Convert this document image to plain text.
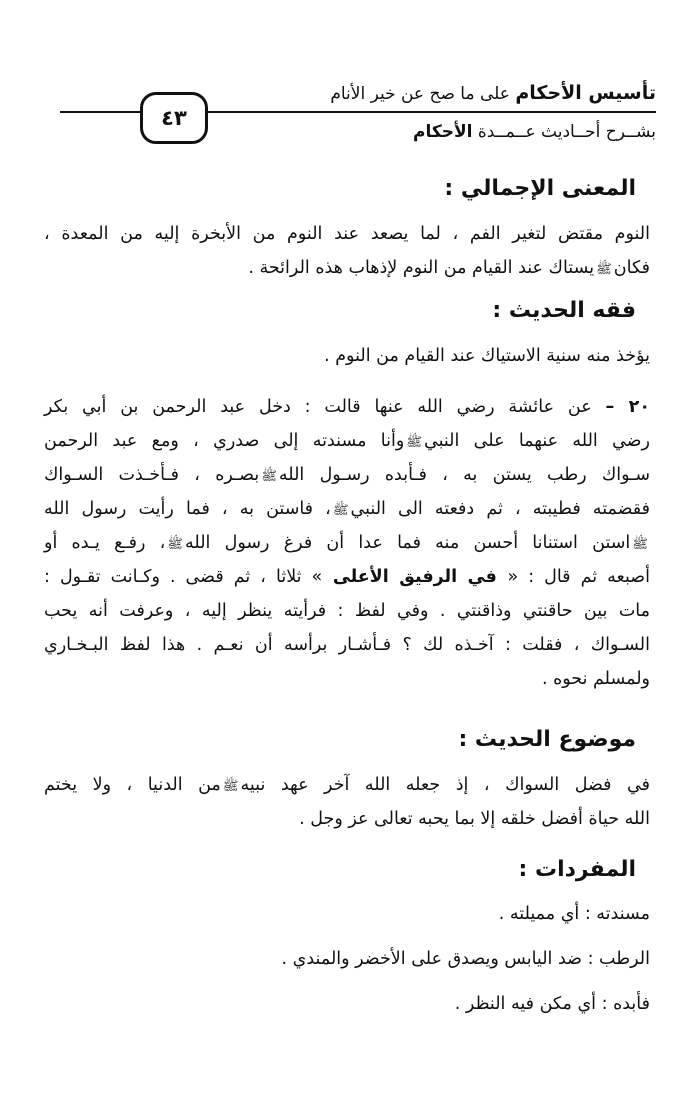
تأسيس الأحكام على ما صح عن خير الأنام
بشــرح أحــاديث عــمــدة الأحكام
٤٣
المعنى الإجمالي :
النوم مقتض لتغير الفم ، لما يصعد عند النوم من الأبخرة إليه من المعدة ،
فكانﷺيستاك عند القيام من النوم لإذهاب هذه الرائحة .
فقه الحديث :
يؤخذ منه سنية الاستياك عند القيام من النوم .
٢٠ – عن عائشة رضي الله عنها قالت : دخل عبد الرحمن بن أبي بكر
رضي الله عنهما على النبيﷺوأنا مسندته إلى صدري ، ومع عبد الرحمن
سـواك رطب يستن به ، فـأبده رسـول اللهﷺبصـره ، فـأخـذت السـواك
فقضمته فطيبته ، ثم دفعته الى النبيﷺ، فاستن به ، فما رأيت رسول الله
ﷺاستن استنانا أحسن منه فما عدا أن فرغ رسول اللهﷺ، رفـع يـده أو
أصبعه ثم قال : « في الرفيق الأعلى » ثلاثا ، ثم قضى . وكـانت تقـول :
مات بين حاقنتي وذاقنتي . وفي لفظ : فرأيته ينظر إليه ، وعرفت أنه يحب
السـواك ، فقلت : آخـذه لك ؟ فـأشـار برأسه أن نعـم . هذا لفظ البـخـاري
ولمسلم نحوه .
موضوع الحديث :
في فضل السواك ، إذ جعله الله آخر عهد نبيهﷺمن الدنيا ، ولا يختم
الله حياة أفضل خلقه إلا بما يحبه تعالى عز وجل .
المفردات :
مسندته : أي مميلته .
الرطب : ضد اليابس ويصدق على الأخضر والمندي .
فأبده : أي مكن فيه النظر .
